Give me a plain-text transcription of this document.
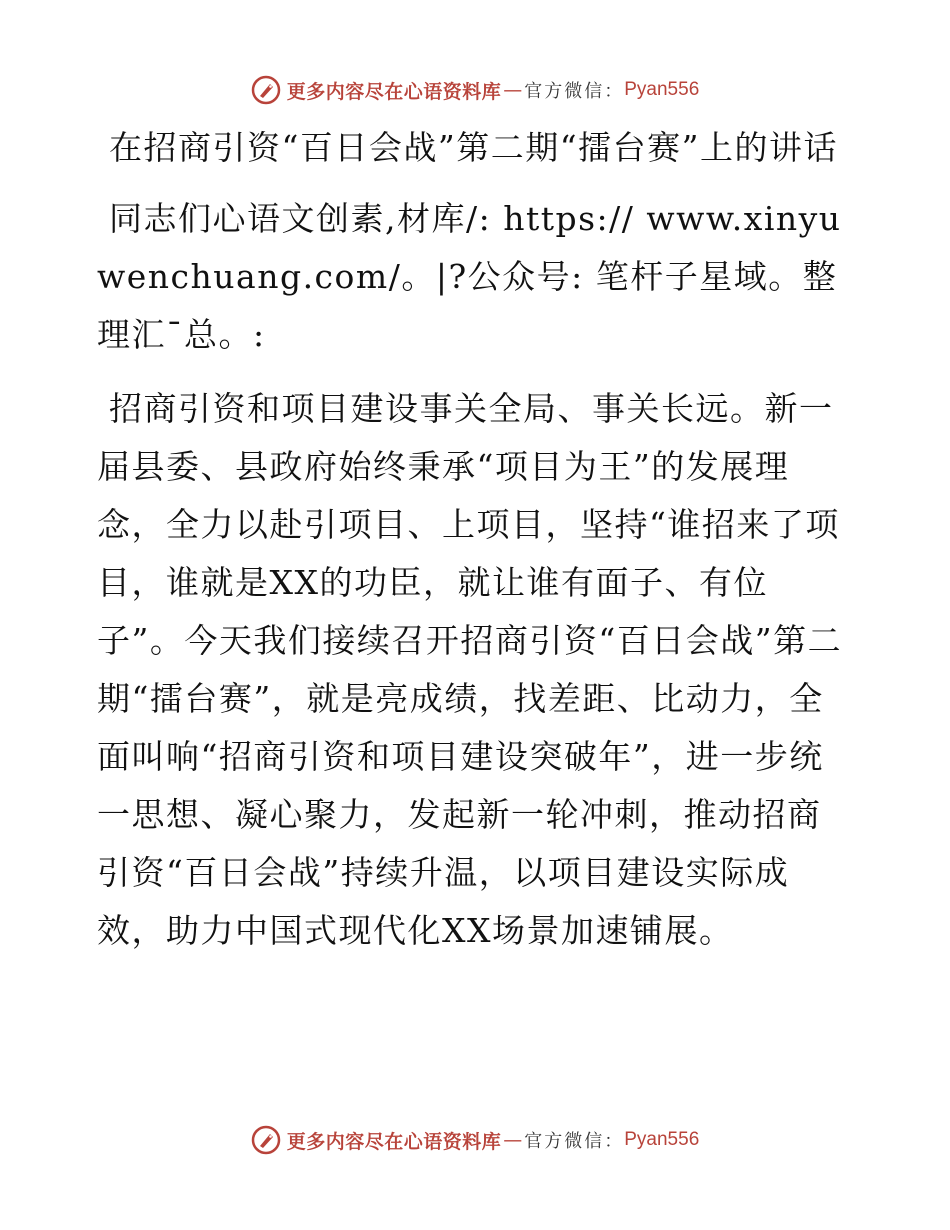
更多内容尽在心语资料库 — 官方微信： Pyan556

在招商引资“百日会战”第二期“擂台赛”上的讲话

同志们心语文创素,材库/: https:// www.xinyuwenchuang.com/。|?公众号: 笔杆子星域。整理汇¯总。:

招商引资和项目建设事关全局、事关长远。新一届县委、县政府始终秉承“项目为王”的发展理念，全力以赴引项目、上项目，坚持“谁招来了项目，谁就是XX的功臣，就让谁有面子、有位子”。今天我们接续召开招商引资“百日会战”第二期“擂台赛”，就是亮成绩，找差距、比动力，全面叫响“招商引资和项目建设突破年”，进一步统一思想、凝心聚力，发起新一轮冲刺，推动招商引资“百日会战”持续升温，以项目建设实际成效，助力中国式现代化XX场景加速铺展。

更多内容尽在心语资料库 — 官方微信： Pyan556
